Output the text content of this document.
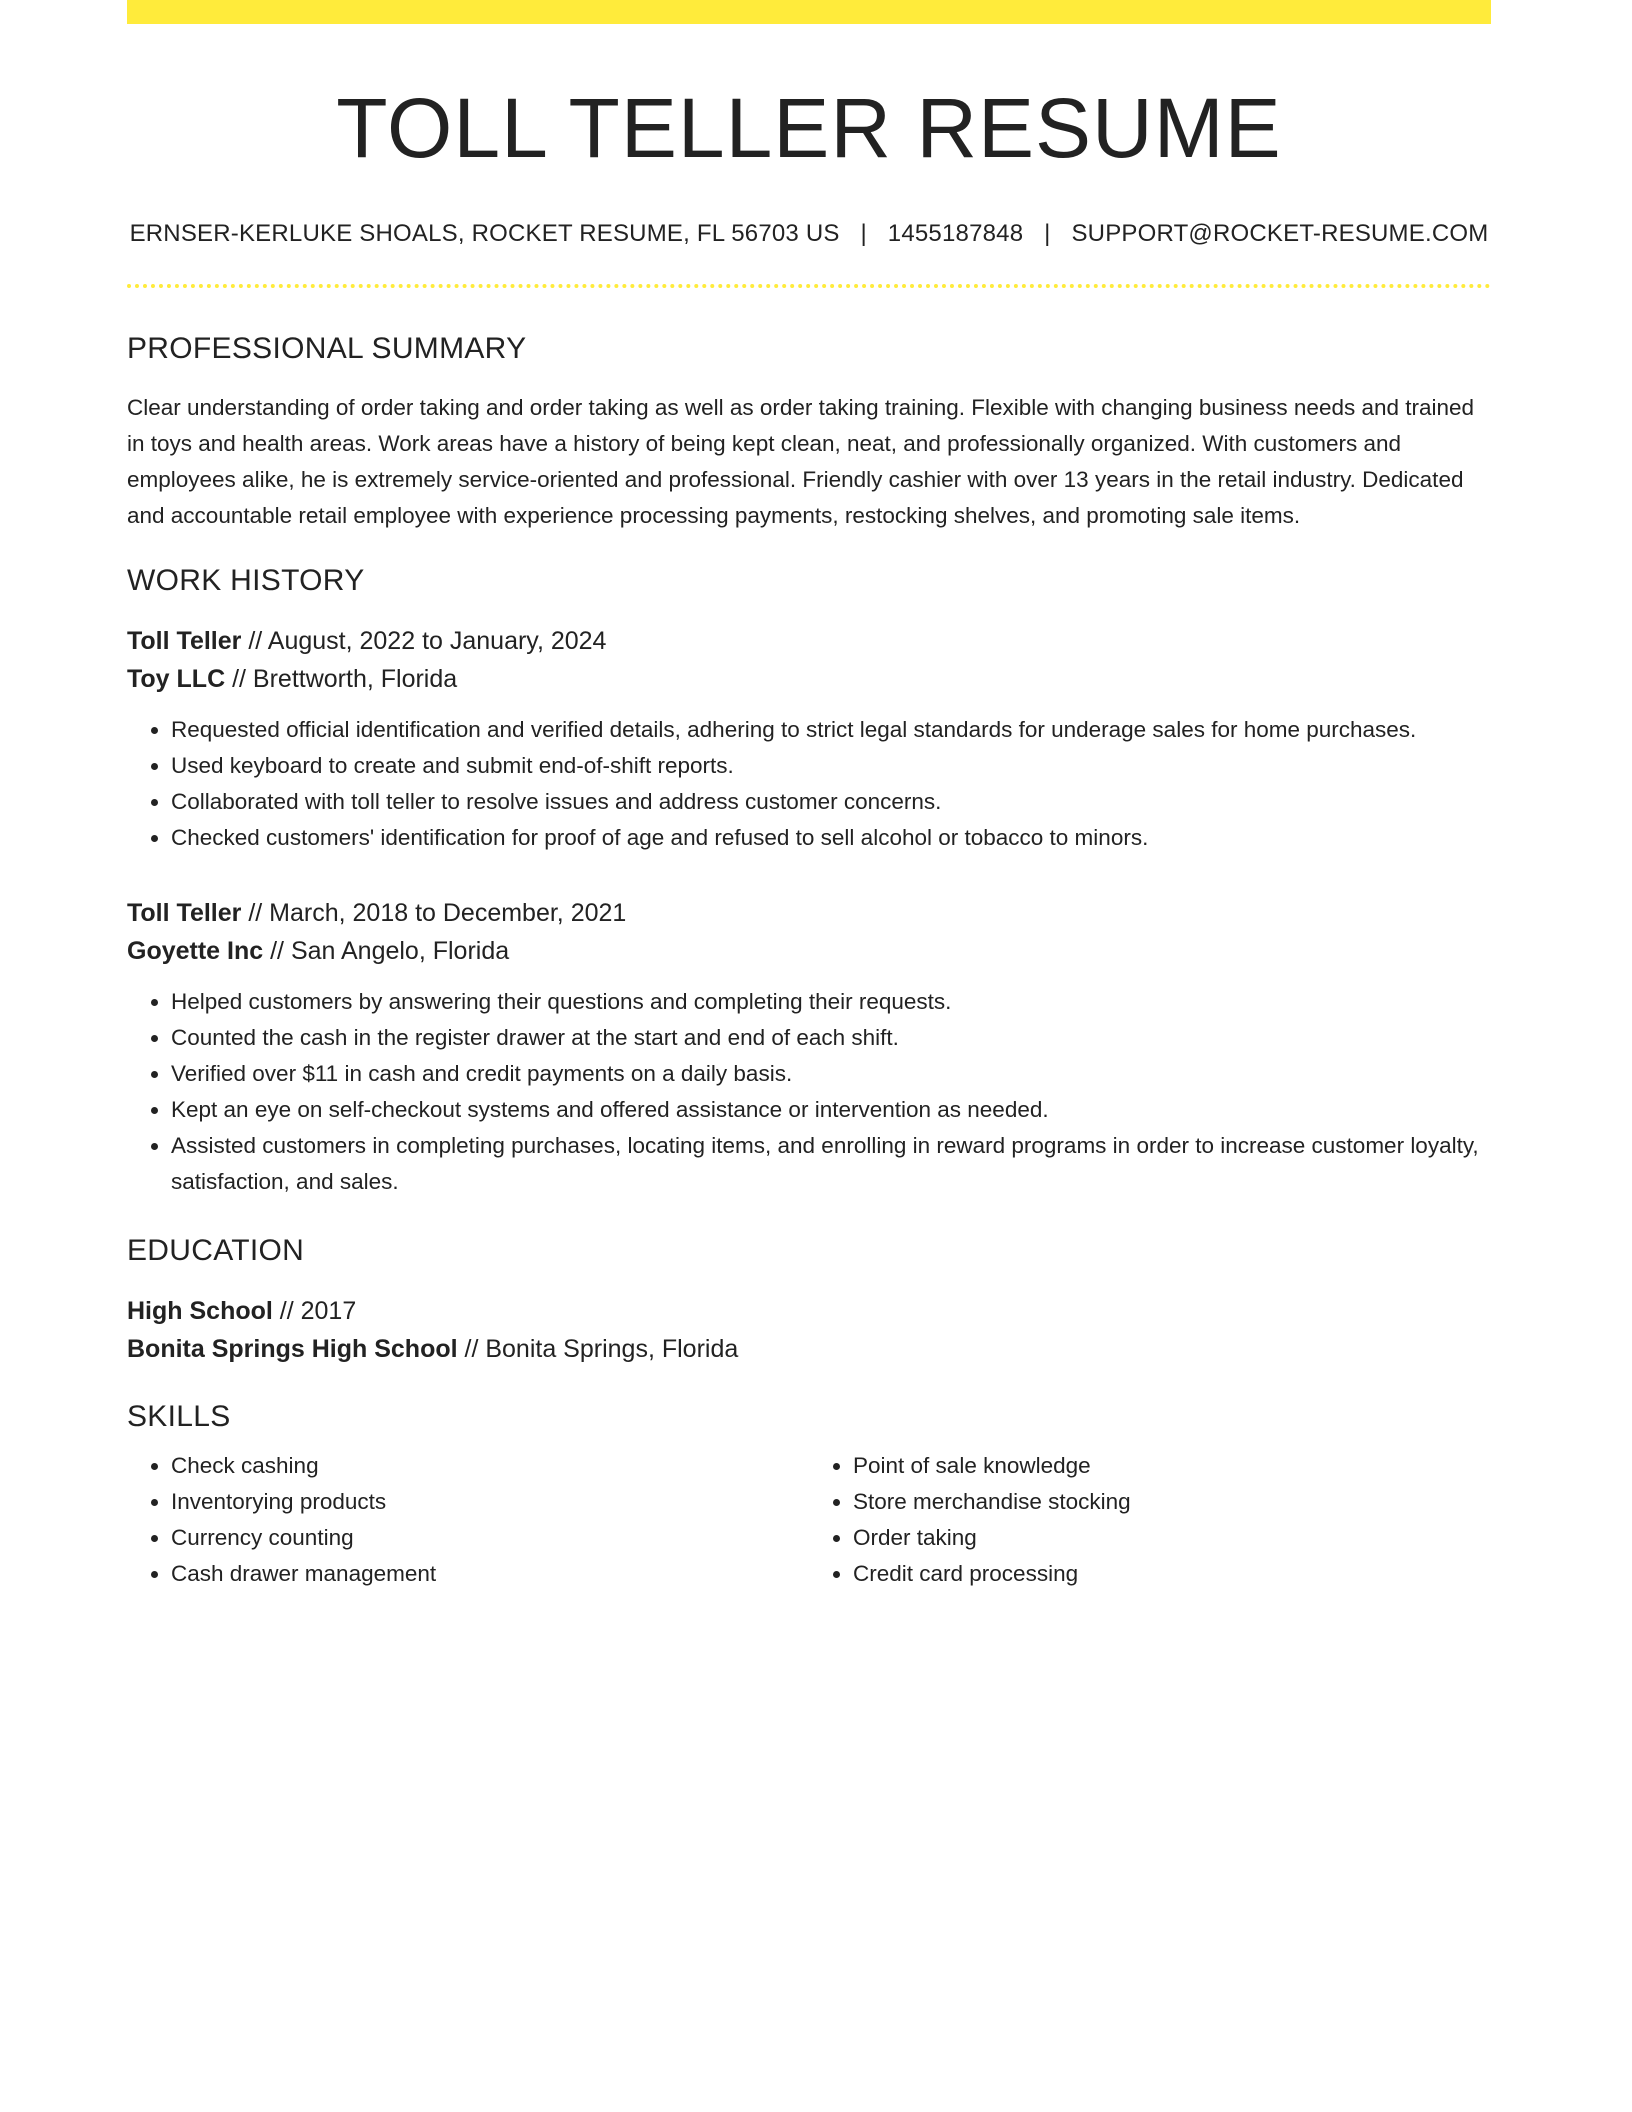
TOLL TELLER RESUME
ERNSER-KERLUKE SHOALS, ROCKET RESUME, FL 56703 US | 1455187848 | SUPPORT@ROCKET-RESUME.COM
PROFESSIONAL SUMMARY
Clear understanding of order taking and order taking as well as order taking training. Flexible with changing business needs and trained in toys and health areas. Work areas have a history of being kept clean, neat, and professionally organized. With customers and employees alike, he is extremely service-oriented and professional. Friendly cashier with over 13 years in the retail industry. Dedicated and accountable retail employee with experience processing payments, restocking shelves, and promoting sale items.
WORK HISTORY
Toll Teller // August, 2022 to January, 2024
Toy LLC // Brettworth, Florida
• Requested official identification and verified details, adhering to strict legal standards for underage sales for home purchases.
• Used keyboard to create and submit end-of-shift reports.
• Collaborated with toll teller to resolve issues and address customer concerns.
• Checked customers' identification for proof of age and refused to sell alcohol or tobacco to minors.
Toll Teller // March, 2018 to December, 2021
Goyette Inc // San Angelo, Florida
• Helped customers by answering their questions and completing their requests.
• Counted the cash in the register drawer at the start and end of each shift.
• Verified over $11 in cash and credit payments on a daily basis.
• Kept an eye on self-checkout systems and offered assistance or intervention as needed.
• Assisted customers in completing purchases, locating items, and enrolling in reward programs in order to increase customer loyalty, satisfaction, and sales.
EDUCATION
High School // 2017
Bonita Springs High School // Bonita Springs, Florida
SKILLS
• Check cashing
• Inventorying products
• Currency counting
• Cash drawer management
• Point of sale knowledge
• Store merchandise stocking
• Order taking
• Credit card processing
